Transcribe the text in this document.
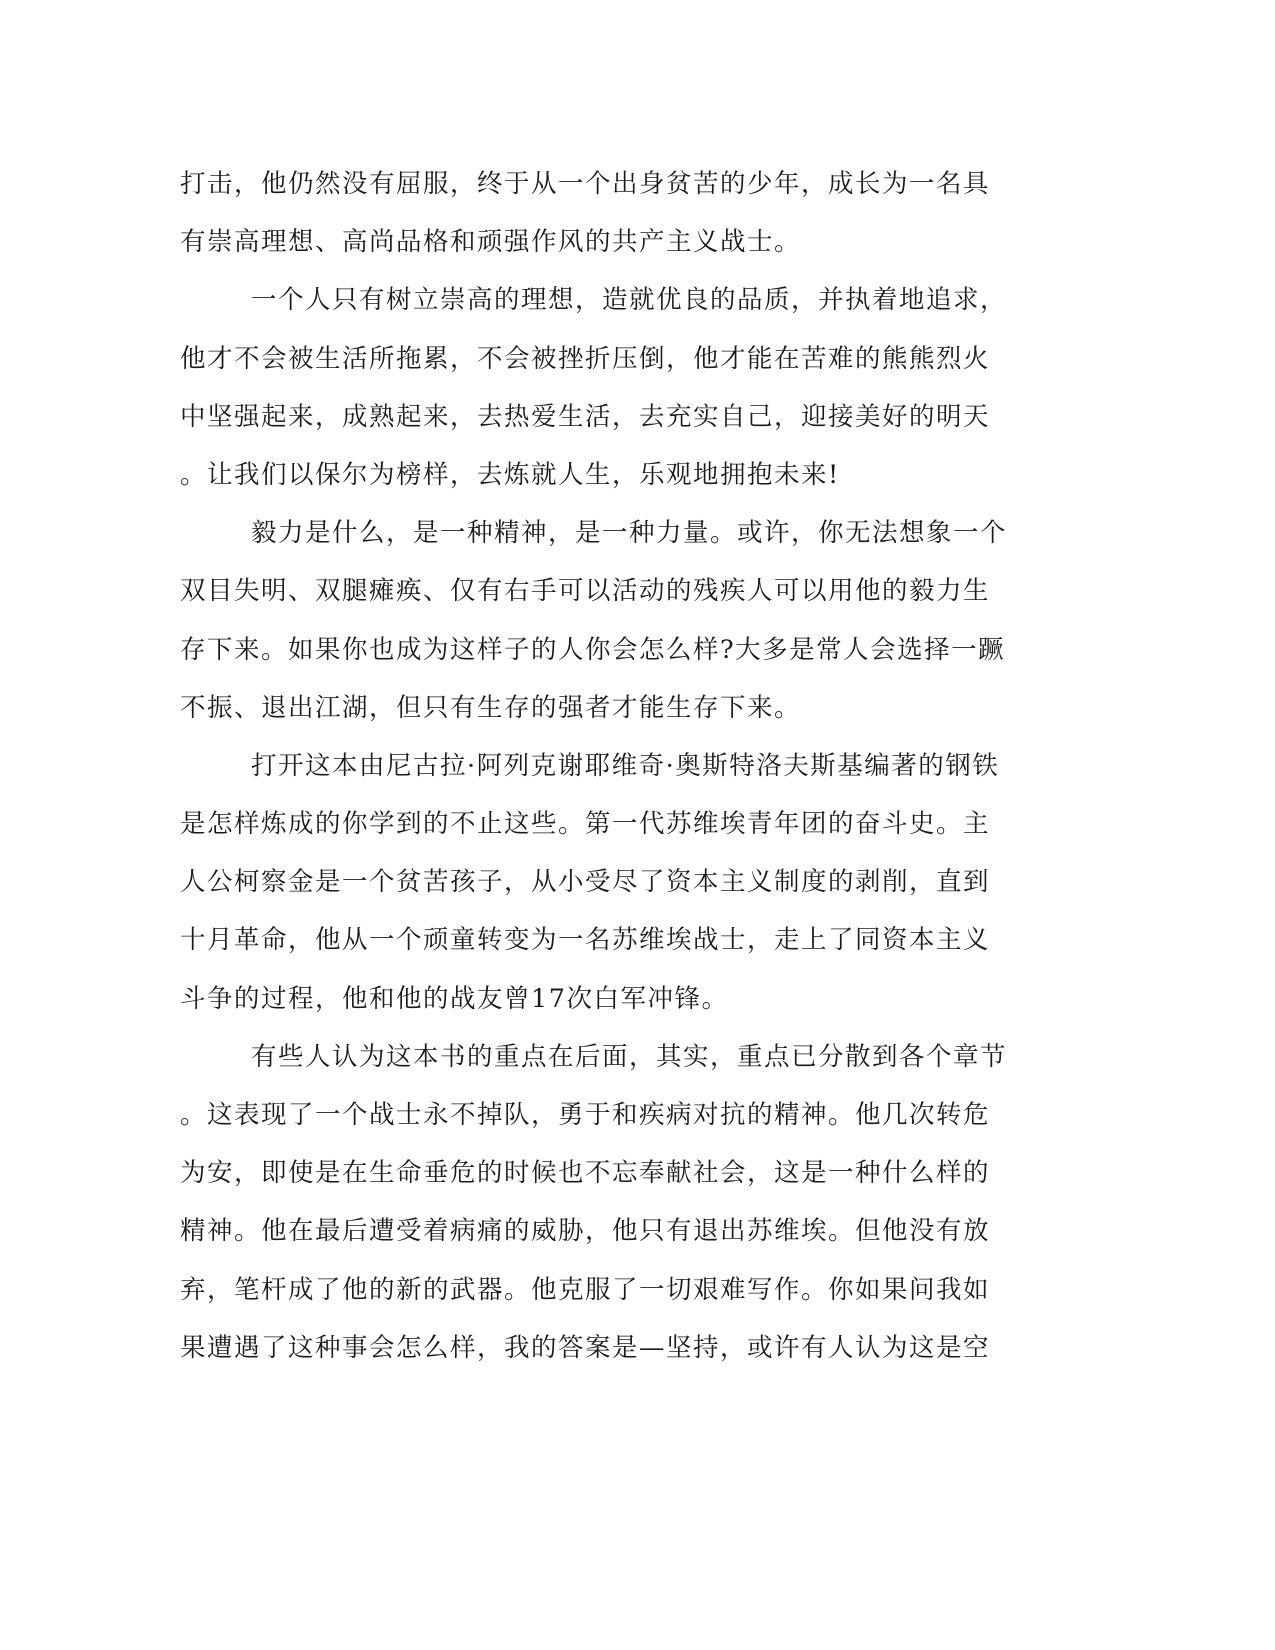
打击，他仍然没有屈服，终于从一个出身贫苦的少年，成长为一名具
有崇高理想、高尚品格和顽强作风的共产主义战士。
一个人只有树立崇高的理想，造就优良的品质，并执着地追求，
他才不会被生活所拖累，不会被挫折压倒，他才能在苦难的熊熊烈火
中坚强起来，成熟起来，去热爱生活，去充实自己，迎接美好的明天
。让我们以保尔为榜样，去炼就人生，乐观地拥抱未来!
毅力是什么，是一种精神，是一种力量。或许，你无法想象一个
双目失明、双腿瘫痪、仅有右手可以活动的残疾人可以用他的毅力生
存下来。如果你也成为这样子的人你会怎么样?大多是常人会选择一蹶
不振、退出江湖，但只有生存的强者才能生存下来。
打开这本由尼古拉·阿列克谢耶维奇·奥斯特洛夫斯基编著的钢铁
是怎样炼成的你学到的不止这些。第一代苏维埃青年团的奋斗史。主
人公柯察金是一个贫苦孩子，从小受尽了资本主义制度的剥削，直到
十月革命，他从一个顽童转变为一名苏维埃战士，走上了同资本主义
斗争的过程，他和他的战友曾17次白军冲锋。
有些人认为这本书的重点在后面，其实，重点已分散到各个章节
。这表现了一个战士永不掉队，勇于和疾病对抗的精神。他几次转危
为安，即使是在生命垂危的时候也不忘奉献社会，这是一种什么样的
精神。他在最后遭受着病痛的威胁，他只有退出苏维埃。但他没有放
弃，笔杆成了他的新的武器。他克服了一切艰难写作。你如果问我如
果遭遇了这种事会怎么样，我的答案是—坚持，或许有人认为这是空
